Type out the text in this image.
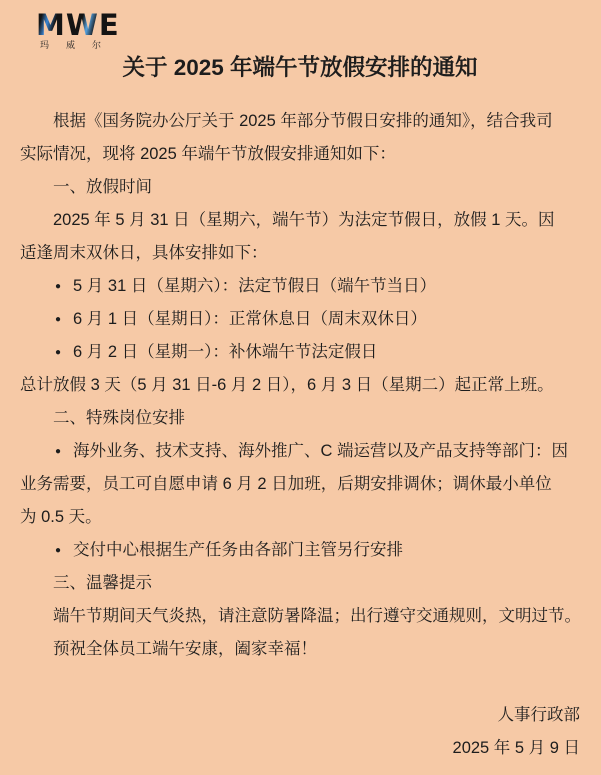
MWE
玛威尔
关于 2025 年端午节放假安排的通知
根据《国务院办公厅关于 2025 年部分节假日安排的通知》，结合我司
实际情况，现将 2025 年端午节放假安排通知如下：
一、放假时间
2025 年 5 月 31 日（星期六，端午节）为法定节假日，放假 1 天。因
适逢周末双休日，具体安排如下：
● 5 月 31 日（星期六）：法定节假日（端午节当日）
● 6 月 1 日（星期日）：正常休息日（周末双休日）
● 6 月 2 日（星期一）：补休端午节法定假日
总计放假 3 天（5 月 31 日-6 月 2 日），6 月 3 日（星期二）起正常上班。
二、特殊岗位安排
● 海外业务、技术支持、海外推广、C 端运营以及产品支持等部门：因
业务需要，员工可自愿申请 6 月 2 日加班，后期安排调休；调休最小单位
为 0.5 天。
● 交付中心根据生产任务由各部门主管另行安排
三、温馨提示
端午节期间天气炎热，请注意防暑降温；出行遵守交通规则，文明过节。
预祝全体员工端午安康，阖家幸福！
人事行政部
2025 年 5 月 9 日
